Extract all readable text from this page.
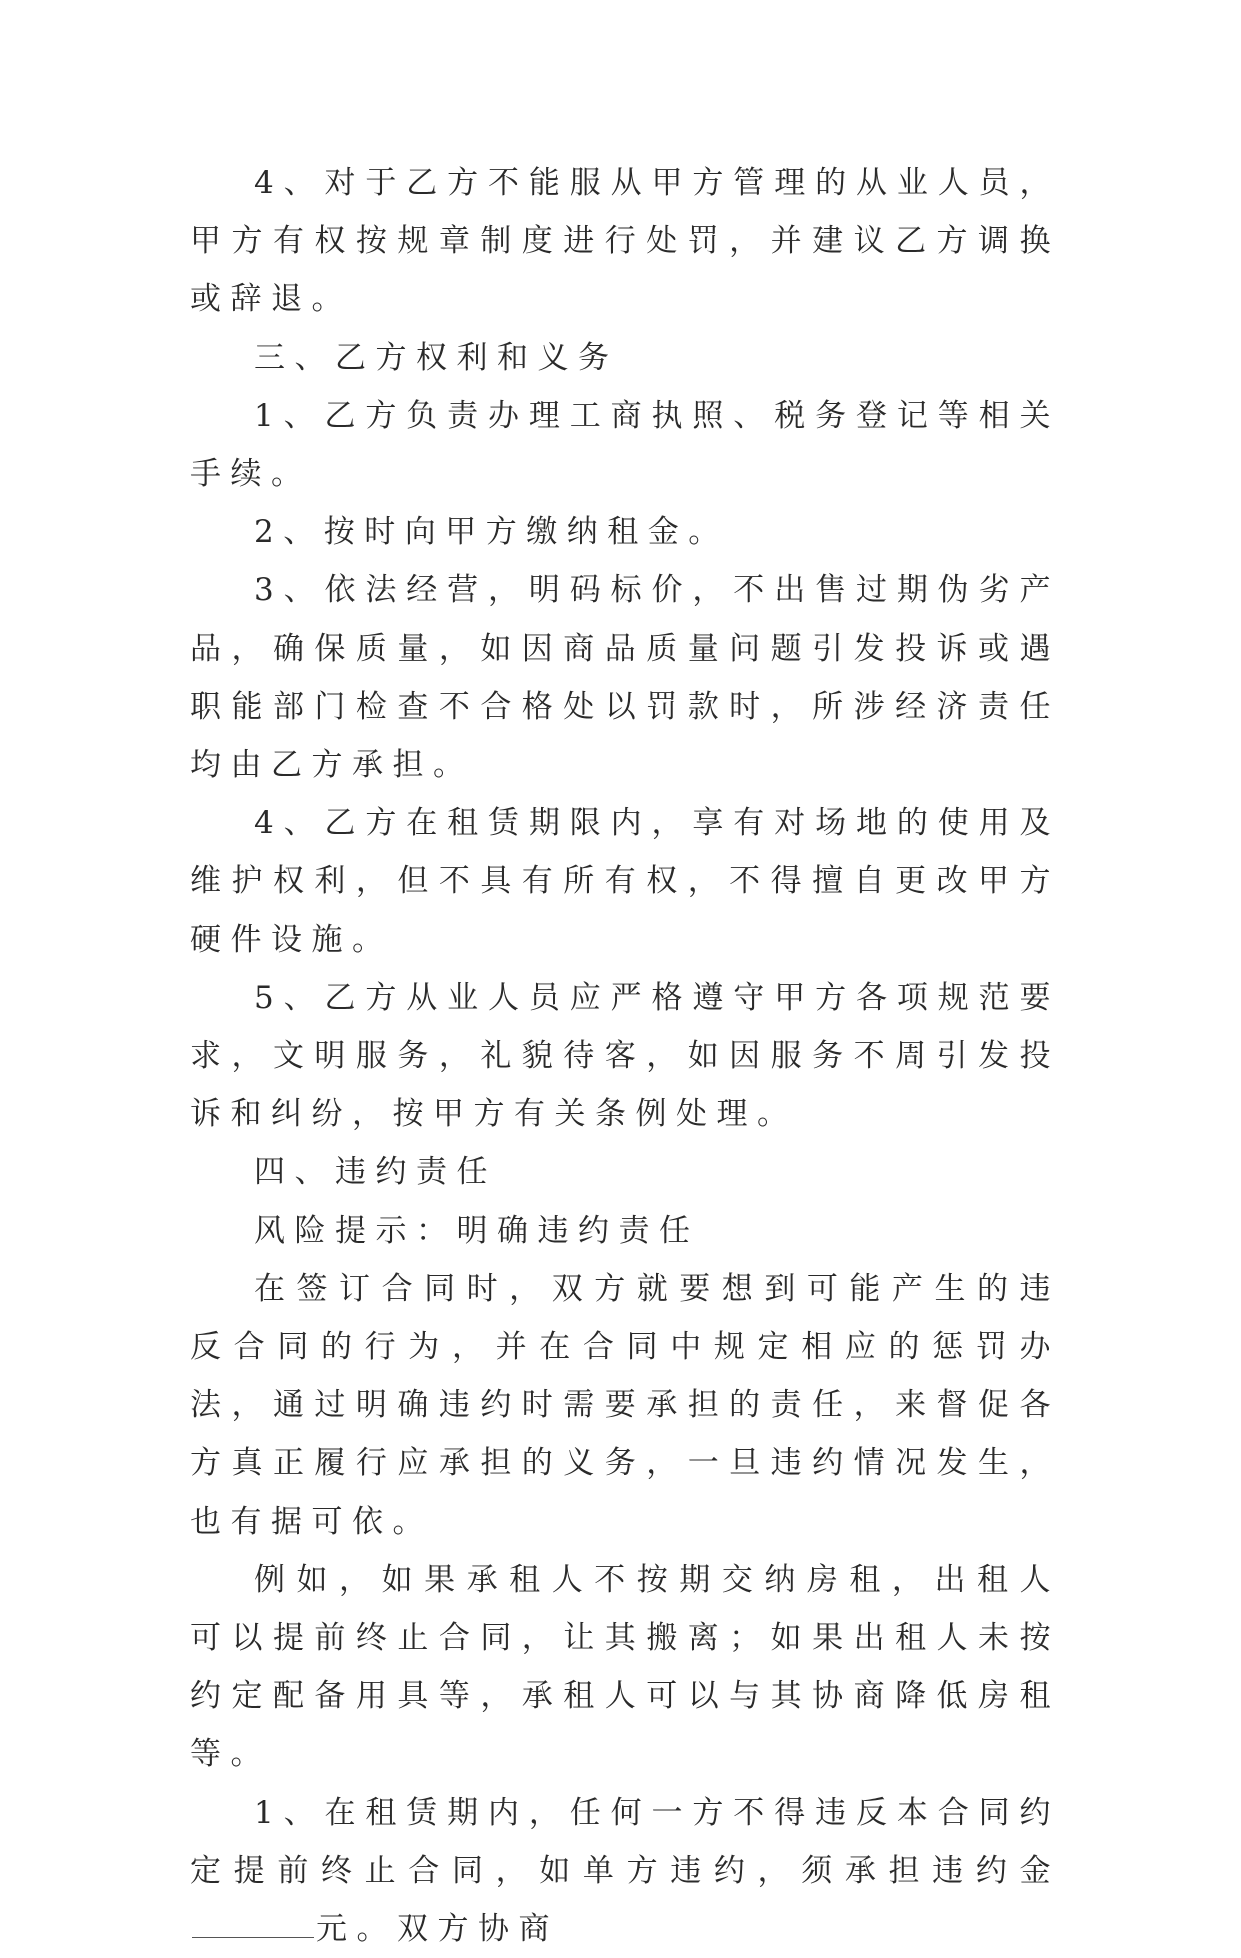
4、对于乙方不能服从甲方管理的从业人员，甲方有权按规章制度进行处罚，并建议乙方调换或辞退。

三、乙方权利和义务

1、乙方负责办理工商执照、税务登记等相关手续。

2、按时向甲方缴纳租金。

3、依法经营，明码标价，不出售过期伪劣产品，确保质量，如因商品质量问题引发投诉或遇职能部门检查不合格处以罚款时，所涉经济责任均由乙方承担。

4、乙方在租赁期限内，享有对场地的使用及维护权利，但不具有所有权，不得擅自更改甲方硬件设施。

5、乙方从业人员应严格遵守甲方各项规范要求，文明服务，礼貌待客，如因服务不周引发投诉和纠纷，按甲方有关条例处理。

四、违约责任

风险提示：明确违约责任

在签订合同时，双方就要想到可能产生的违反合同的行为，并在合同中规定相应的惩罚办法，通过明确违约时需要承担的责任，来督促各方真正履行应承担的义务，一旦违约情况发生，也有据可依。

例如，如果承租人不按期交纳房租，出租人可以提前终止合同，让其搬离；如果出租人未按约定配备用具等，承租人可以与其协商降低房租等。

1、在租赁期内，任何一方不得违反本合同约定提前终止合同，如单方违约，须承担违约金元。双方协商
